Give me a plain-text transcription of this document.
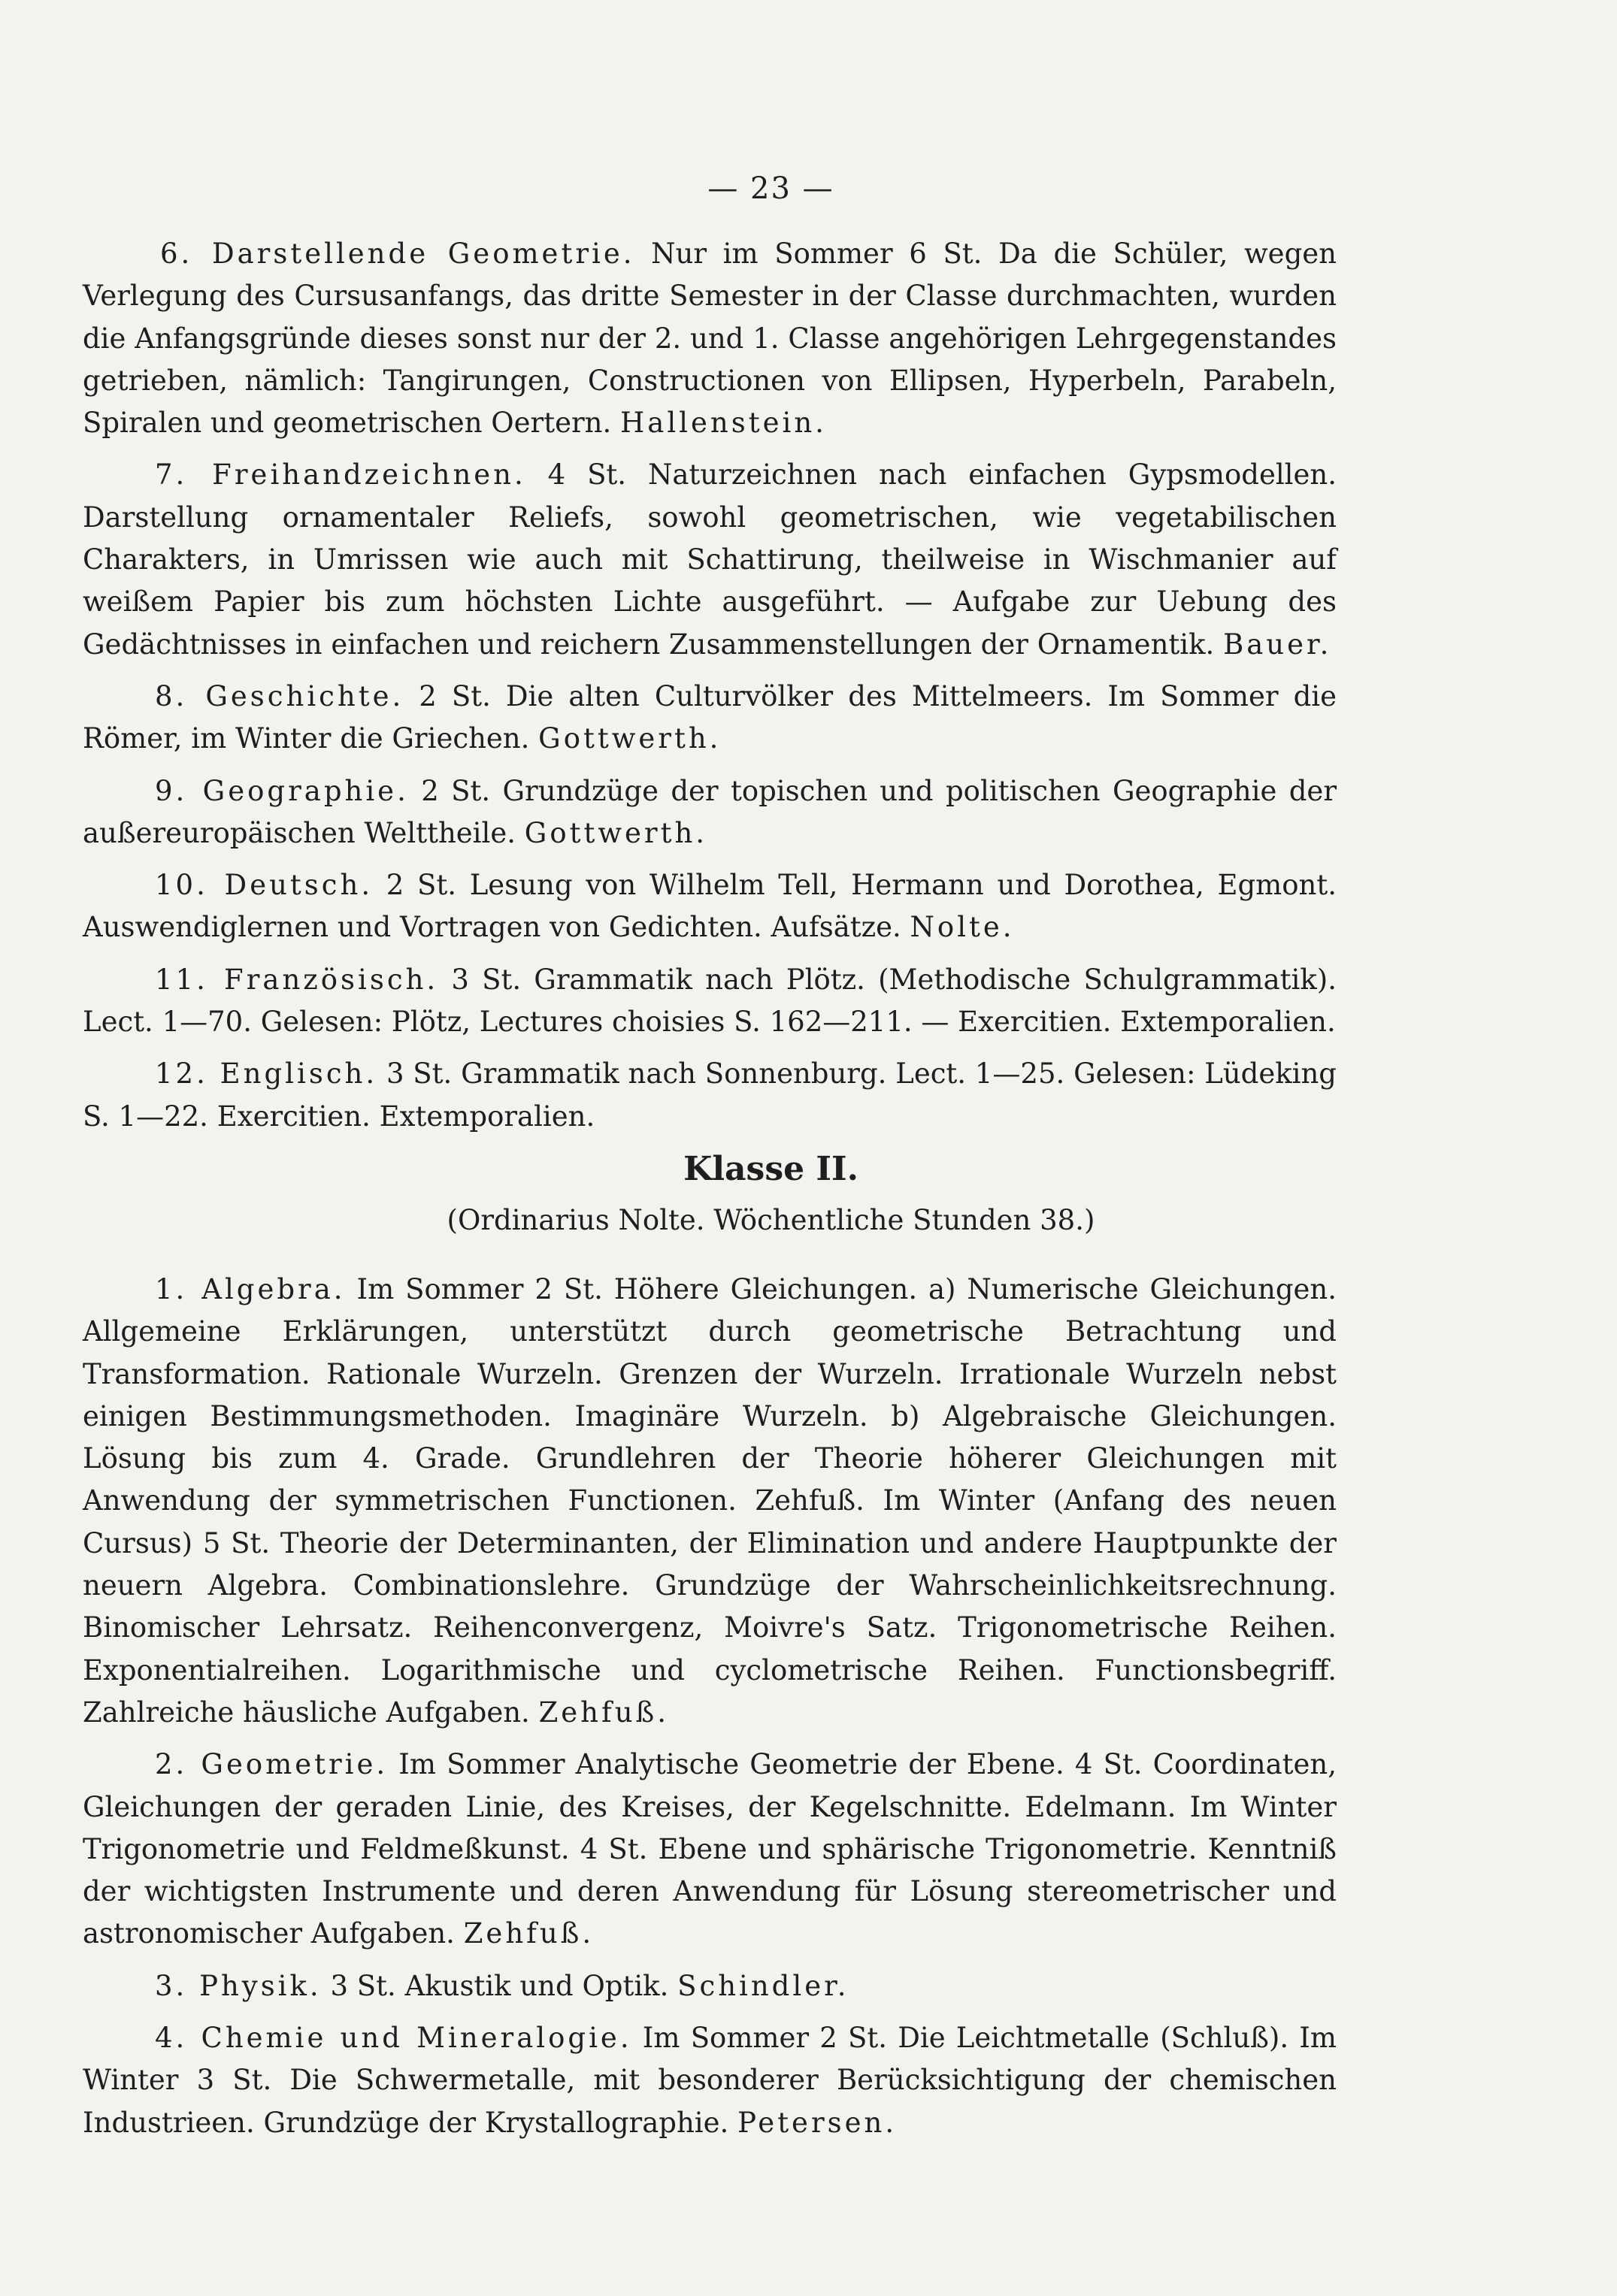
— 23 —

6. Darstellende Geometrie. Nur im Sommer 6 St. Da die Schüler, wegen Verlegung des Cursusanfangs, das dritte Semester in der Classe durchmachten, wurden die Anfangsgründe dieses sonst nur der 2. und 1. Classe angehörigen Lehrgegenstandes getrieben, nämlich: Tangirungen, Constructionen von Ellipsen, Hyperbeln, Parabeln, Spiralen und geometrischen Oertern. Hallenstein.

7. Freihandzeichnen. 4 St. Naturzeichnen nach einfachen Gypsmodellen. Darstellung ornamentaler Reliefs, sowohl geometrischen, wie vegetabilischen Charakters, in Umrissen wie auch mit Schattirung, theilweise in Wischmanier auf weißem Papier bis zum höchsten Lichte ausgeführt. — Aufgabe zur Uebung des Gedächtnisses in einfachen und reichern Zusammenstellungen der Ornamentik. Bauer.

8. Geschichte. 2 St. Die alten Culturvölker des Mittelmeers. Im Sommer die Römer, im Winter die Griechen. Gottwerth.

9. Geographie. 2 St. Grundzüge der topischen und politischen Geographie der außereuropäischen Welttheile. Gottwerth.

10. Deutsch. 2 St. Lesung von Wilhelm Tell, Hermann und Dorothea, Egmont. Auswendiglernen und Vortragen von Gedichten. Aufsätze. Nolte.

11. Französisch. 3 St. Grammatik nach Plötz. (Methodische Schulgrammatik). Lect. 1—70. Gelesen: Plötz, Lectures choisies S. 162—211. — Exercitien. Extemporalien.

12. Englisch. 3 St. Grammatik nach Sonnenburg. Lect. 1—25. Gelesen: Lüdeking S. 1—22. Exercitien. Extemporalien.

Klasse II.
(Ordinarius Nolte. Wöchentliche Stunden 38.)

1. Algebra. Im Sommer 2 St. Höhere Gleichungen. a) Numerische Gleichungen. Allgemeine Erklärungen, unterstützt durch geometrische Betrachtung und Transformation. Rationale Wurzeln. Grenzen der Wurzeln. Irrationale Wurzeln nebst einigen Bestimmungsmethoden. Imaginäre Wurzeln. b) Algebraische Gleichungen. Lösung bis zum 4. Grade. Grundlehren der Theorie höherer Gleichungen mit Anwendung der symmetrischen Functionen. Zehfuß. Im Winter (Anfang des neuen Cursus) 5 St. Theorie der Determinanten, der Elimination und andere Hauptpunkte der neuern Algebra. Combinationslehre. Grundzüge der Wahrscheinlichkeitsrechnung. Binomischer Lehrsatz. Reihenconvergenz, Moivre's Satz. Trigonometrische Reihen. Exponentialreihen. Logarithmische und cyclometrische Reihen. Functionsbegriff. Zahlreiche häusliche Aufgaben. Zehfuß.

2. Geometrie. Im Sommer Analytische Geometrie der Ebene. 4 St. Coordinaten, Gleichungen der geraden Linie, des Kreises, der Kegelschnitte. Edelmann. Im Winter Trigonometrie und Feldmeßkunst. 4 St. Ebene und sphärische Trigonometrie. Kenntniß der wichtigsten Instrumente und deren Anwendung für Lösung stereometrischer und astronomischer Aufgaben. Zehfuß.

3. Physik. 3 St. Akustik und Optik. Schindler.

4. Chemie und Mineralogie. Im Sommer 2 St. Die Leichtmetalle (Schluß). Im Winter 3 St. Die Schwermetalle, mit besonderer Berücksichtigung der chemischen Industrieen. Grundzüge der Krystallographie. Petersen.
